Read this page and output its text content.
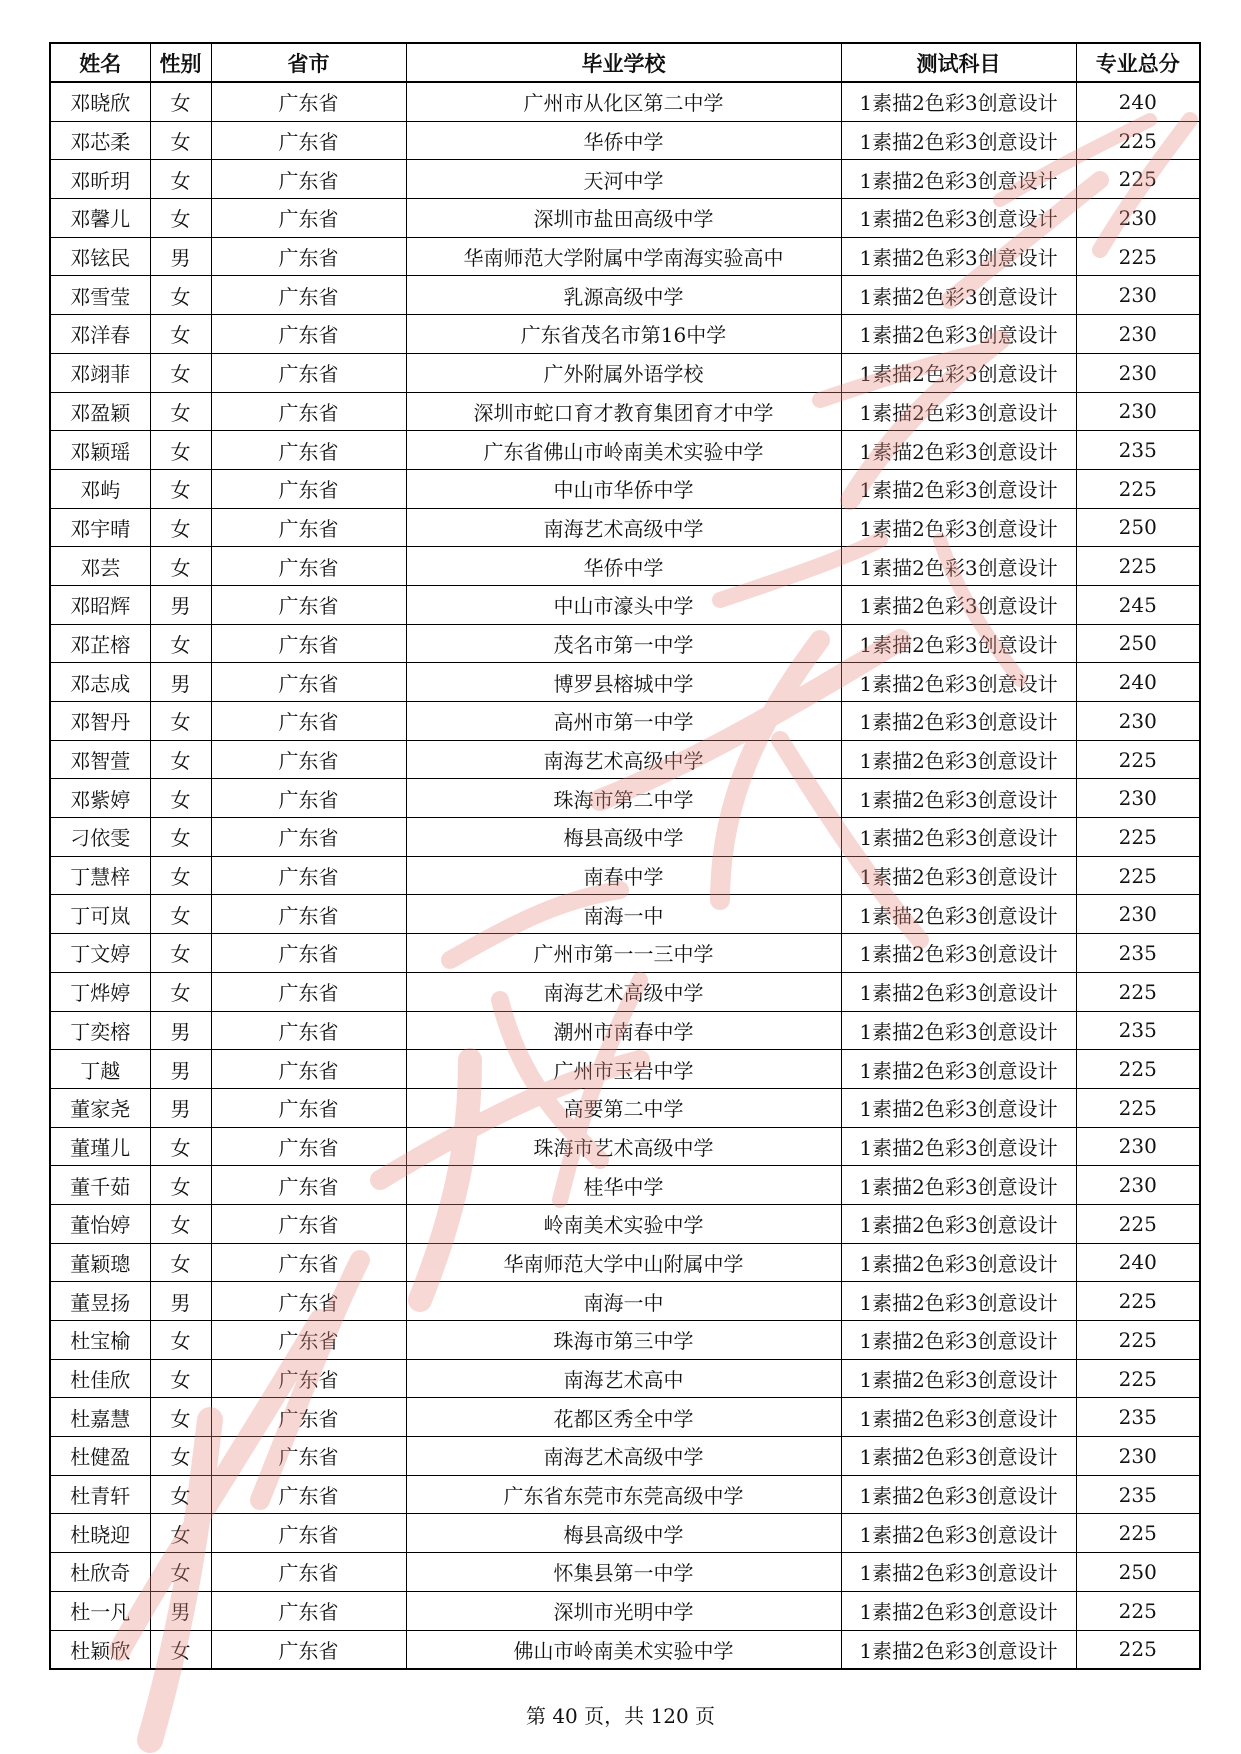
姓名	性别	省市	毕业学校	测试科目	专业总分
邓晓欣	女	广东省	广州市从化区第二中学	1素描2色彩3创意设计	240
邓芯柔	女	广东省	华侨中学	1素描2色彩3创意设计	225
邓昕玥	女	广东省	天河中学	1素描2色彩3创意设计	225
邓馨儿	女	广东省	深圳市盐田高级中学	1素描2色彩3创意设计	230
邓铉民	男	广东省	华南师范大学附属中学南海实验高中	1素描2色彩3创意设计	225
邓雪莹	女	广东省	乳源高级中学	1素描2色彩3创意设计	230
邓洋春	女	广东省	广东省茂名市第16中学	1素描2色彩3创意设计	230
邓翊菲	女	广东省	广外附属外语学校	1素描2色彩3创意设计	230
邓盈颖	女	广东省	深圳市蛇口育才教育集团育才中学	1素描2色彩3创意设计	230
邓颖瑶	女	广东省	广东省佛山市岭南美术实验中学	1素描2色彩3创意设计	235
邓屿	女	广东省	中山市华侨中学	1素描2色彩3创意设计	225
邓宇晴	女	广东省	南海艺术高级中学	1素描2色彩3创意设计	250
邓芸	女	广东省	华侨中学	1素描2色彩3创意设计	225
邓昭辉	男	广东省	中山市濠头中学	1素描2色彩3创意设计	245
邓芷榕	女	广东省	茂名市第一中学	1素描2色彩3创意设计	250
邓志成	男	广东省	博罗县榕城中学	1素描2色彩3创意设计	240
邓智丹	女	广东省	高州市第一中学	1素描2色彩3创意设计	230
邓智萱	女	广东省	南海艺术高级中学	1素描2色彩3创意设计	225
邓紫婷	女	广东省	珠海市第二中学	1素描2色彩3创意设计	230
刁依雯	女	广东省	梅县高级中学	1素描2色彩3创意设计	225
丁慧梓	女	广东省	南春中学	1素描2色彩3创意设计	225
丁可岚	女	广东省	南海一中	1素描2色彩3创意设计	230
丁文婷	女	广东省	广州市第一一三中学	1素描2色彩3创意设计	235
丁烨婷	女	广东省	南海艺术高级中学	1素描2色彩3创意设计	225
丁奕榕	男	广东省	潮州市南春中学	1素描2色彩3创意设计	235
丁越	男	广东省	广州市玉岩中学	1素描2色彩3创意设计	225
董家尧	男	广东省	高要第二中学	1素描2色彩3创意设计	225
董瑾儿	女	广东省	珠海市艺术高级中学	1素描2色彩3创意设计	230
董千茹	女	广东省	桂华中学	1素描2色彩3创意设计	230
董怡婷	女	广东省	岭南美术实验中学	1素描2色彩3创意设计	225
董颖璁	女	广东省	华南师范大学中山附属中学	1素描2色彩3创意设计	240
董昱扬	男	广东省	南海一中	1素描2色彩3创意设计	225
杜宝榆	女	广东省	珠海市第三中学	1素描2色彩3创意设计	225
杜佳欣	女	广东省	南海艺术高中	1素描2色彩3创意设计	225
杜嘉慧	女	广东省	花都区秀全中学	1素描2色彩3创意设计	235
杜健盈	女	广东省	南海艺术高级中学	1素描2色彩3创意设计	230
杜青轩	女	广东省	广东省东莞市东莞高级中学	1素描2色彩3创意设计	235
杜晓迎	女	广东省	梅县高级中学	1素描2色彩3创意设计	225
杜欣奇	女	广东省	怀集县第一中学	1素描2色彩3创意设计	250
杜一凡	男	广东省	深圳市光明中学	1素描2色彩3创意设计	225
杜颖欣	女	广东省	佛山市岭南美术实验中学	1素描2色彩3创意设计	225
第 40 页，共 120 页
